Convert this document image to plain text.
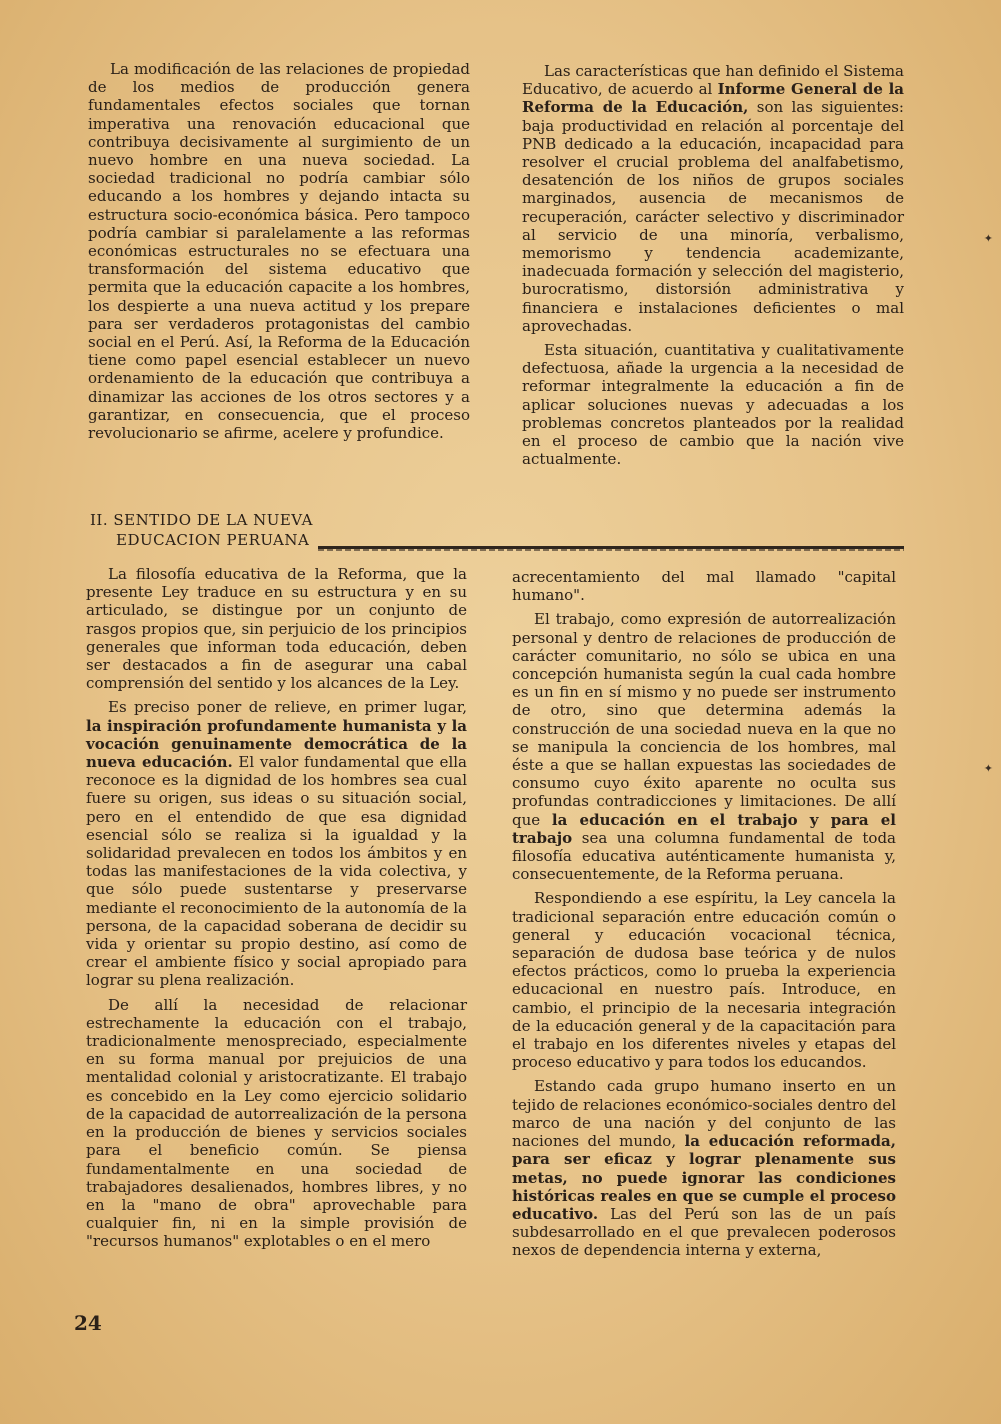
La modificación de las relaciones de propiedad de los medios de producción genera fundamentales efectos sociales que tornan imperativa una renovación educacional que contribuya decisivamente al surgimiento de un nuevo hombre en una nueva sociedad. La sociedad tradicional no podría cambiar sólo educando a los hombres y dejando intacta su estructura socio-económica básica. Pero tampoco podría cambiar si paralelamente a las reformas económicas estructurales no se efectuara una transformación del sistema educativo que permita que la educación capacite a los hombres, los despierte a una nueva actitud y los prepare para ser verdaderos protagonistas del cambio social en el Perú. Así, la Reforma de la Educación tiene como papel esencial establecer un nuevo ordenamiento de la educación que contribuya a dinamizar las acciones de los otros sectores y a garantizar, en consecuencia, que el proceso revolucionario se afirme, acelere y profundice.

Las características que han definido el Sistema Educativo, de acuerdo al Informe General de la Reforma de la Educación, son las siguientes: baja productividad en relación al porcentaje del PNB dedicado a la educación, incapacidad para resolver el crucial problema del analfabetismo, desatención de los niños de grupos sociales marginados, ausencia de mecanismos de recuperación, carácter selectivo y discriminador al servicio de una minoría, verbalismo, memorismo y tendencia academizante, inadecuada formación y selección del magisterio, burocratismo, distorsión administrativa y financiera e instalaciones deficientes o mal aprovechadas.

Esta situación, cuantitativa y cualitativamente defectuosa, añade la urgencia a la necesidad de reformar integralmente la educación a fin de aplicar soluciones nuevas y adecuadas a los problemas concretos planteados por la realidad en el proceso de cambio que la nación vive actualmente.

II. SENTIDO DE LA NUEVA
EDUCACION PERUANA

La filosofía educativa de la Reforma, que la presente Ley traduce en su estructura y en su articulado, se distingue por un conjunto de rasgos propios que, sin perjuicio de los principios generales que informan toda educación, deben ser destacados a fin de asegurar una cabal comprensión del sentido y los alcances de la Ley.

Es preciso poner de relieve, en primer lugar, la inspiración profundamente humanista y la vocación genuinamente democrática de la nueva educación. El valor fundamental que ella reconoce es la dignidad de los hombres sea cual fuere su origen, sus ideas o su situación social, pero en el entendido de que esa dignidad esencial sólo se realiza si la igualdad y la solidaridad prevalecen en todos los ámbitos y en todas las manifestaciones de la vida colectiva, y que sólo puede sustentarse y preservarse mediante el reconocimiento de la autonomía de la persona, de la capacidad soberana de decidir su vida y orientar su propio destino, así como de crear el ambiente físico y social apropiado para lograr su plena realización.

De allí la necesidad de relacionar estrechamente la educación con el trabajo, tradicionalmente menospreciado, especialmente en su forma manual por prejuicios de una mentalidad colonial y aristocratizante. El trabajo es concebido en la Ley como ejercicio solidario de la capacidad de autorrealización de la persona en la producción de bienes y servicios sociales para el beneficio común. Se piensa fundamentalmente en una sociedad de trabajadores desalienados, hombres libres, y no en la "mano de obra" aprovechable para cualquier fin, ni en la simple provisión de "recursos humanos" explotables o en el mero

acrecentamiento del mal llamado "capital humano".

El trabajo, como expresión de autorrealización personal y dentro de relaciones de producción de carácter comunitario, no sólo se ubica en una concepción humanista según la cual cada hombre es un fin en sí mismo y no puede ser instrumento de otro, sino que determina además la construcción de una sociedad nueva en la que no se manipula la conciencia de los hombres, mal éste a que se hallan expuestas las sociedades de consumo cuyo éxito aparente no oculta sus profundas contradicciones y limitaciones. De allí que la educación en el trabajo y para el trabajo sea una columna fundamental de toda filosofía educativa auténticamente humanista y, consecuentemente, de la Reforma peruana.

Respondiendo a ese espíritu, la Ley cancela la tradicional separación entre educación común o general y educación vocacional técnica, separación de dudosa base teórica y de nulos efectos prácticos, como lo prueba la experiencia educacional en nuestro país. Introduce, en cambio, el principio de la necesaria integración de la educación general y de la capacitación para el trabajo en los diferentes niveles y etapas del proceso educativo y para todos los educandos.

Estando cada grupo humano inserto en un tejido de relaciones económico-sociales dentro del marco de una nación y del conjunto de las naciones del mundo, la educación reformada, para ser eficaz y lograr plenamente sus metas, no puede ignorar las condiciones históricas reales en que se cumple el proceso educativo. Las del Perú son las de un país subdesarrollado en el que prevalecen poderosos nexos de dependencia interna y externa,

24
✦
✦
